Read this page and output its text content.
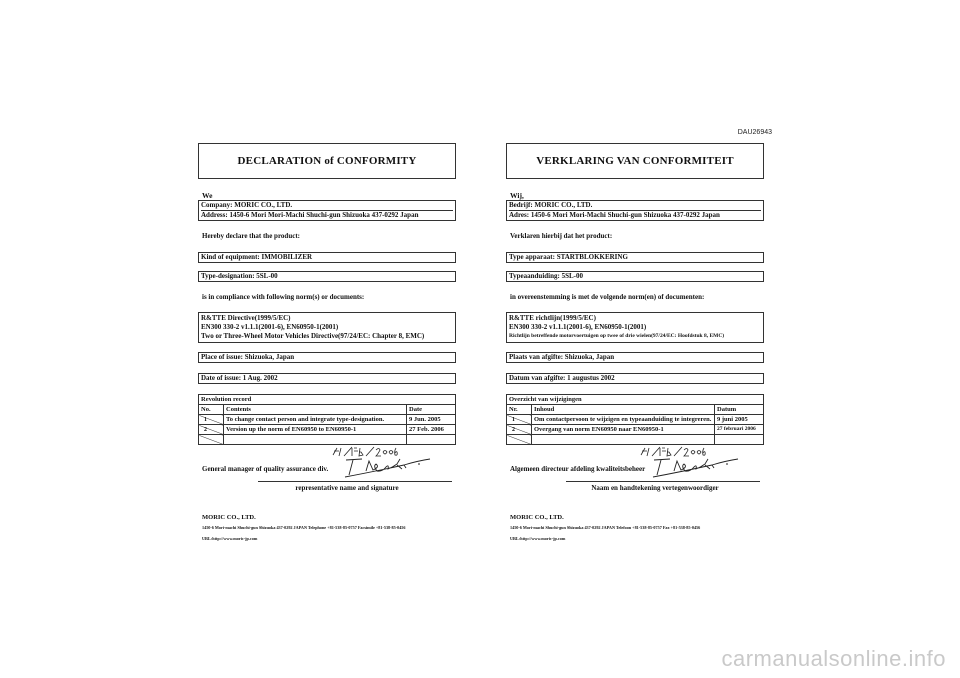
DAU26943
DECLARATION of CONFORMITY
We
Company: MORIC CO., LTD.
Address: 1450-6 Mori Mori-Machi Shuchi-gun Shizuoka 437-0292 Japan
Hereby declare that the product:
Kind of equipment: IMMOBILIZER
Type-designation: 5SL-00
is in compliance with following norm(s) or documents:
R&TTE Directive(1999/5/EC)
EN300 330-2 v1.1.1(2001-6), EN60950-1(2001)
Two or Three-Wheel Motor Vehicles Directive(97/24/EC: Chapter 8, EMC)
Place of issue: Shizuoka, Japan
Date of issue: 1 Aug. 2002
Revolution record		
No.	Contents	Date

1	To change contact person and integrate type-designation.	9 Jun. 2005

2	Version up the norm of EN60950 to EN60950-1	27 Feb. 2006

General manager of quality assurance div.
representative name and signature
MORIC CO., LTD.
1450-6 Mori-machi Shuchi-gun Shizuoka 437-0292 JAPAN Telephone +81-538-85-0757 Facsimile +81-538-85-0456
URL:http://www.moric-jp.com
VERKLARING VAN CONFORMITEIT
Wij,
Bedrijf: MORIC CO., LTD.
Adres: 1450-6 Mori Mori-Machi Shuchi-gun Shizuoka 437-0292 Japan
Verklaren hierbij dat het product:
Type apparaat: STARTBLOKKERING
Typeaanduiding: 5SL-00
in overeenstemming is met de volgende norm(en) of documenten:
R&TTE richtlijn(1999/5/EC)
EN300 330-2 v1.1.1(2001-6), EN60950-1(2001)
Richtlijn betreffende motorvoertuigen op twee of drie wielen(97/24/EC: Hoofdstuk 8, EMC)
Plaats van afgifte: Shizuoka, Japan
Datum van afgifte: 1 augustus 2002
Overzicht van wijzigingen		
Nr.	Inhoud	Datum

1	Om contactpersoon te wijzigen en typeaanduiding te integreren.	9 juni 2005

2	Overgang van norm EN60950 naar EN60950-1	27 februari 2006

Algemeen directeur afdeling kwaliteitsbeheer
Naam en handtekening vertegenwoordiger
MORIC CO., LTD.
1450-6 Mori-machi Shuchi-gun Shizuoka 437-0292 JAPAN Telefoon +81-538-85-0757 Fax +81-538-85-0456
URL:http://www.moric-jp.com
carmanualsonline.info
